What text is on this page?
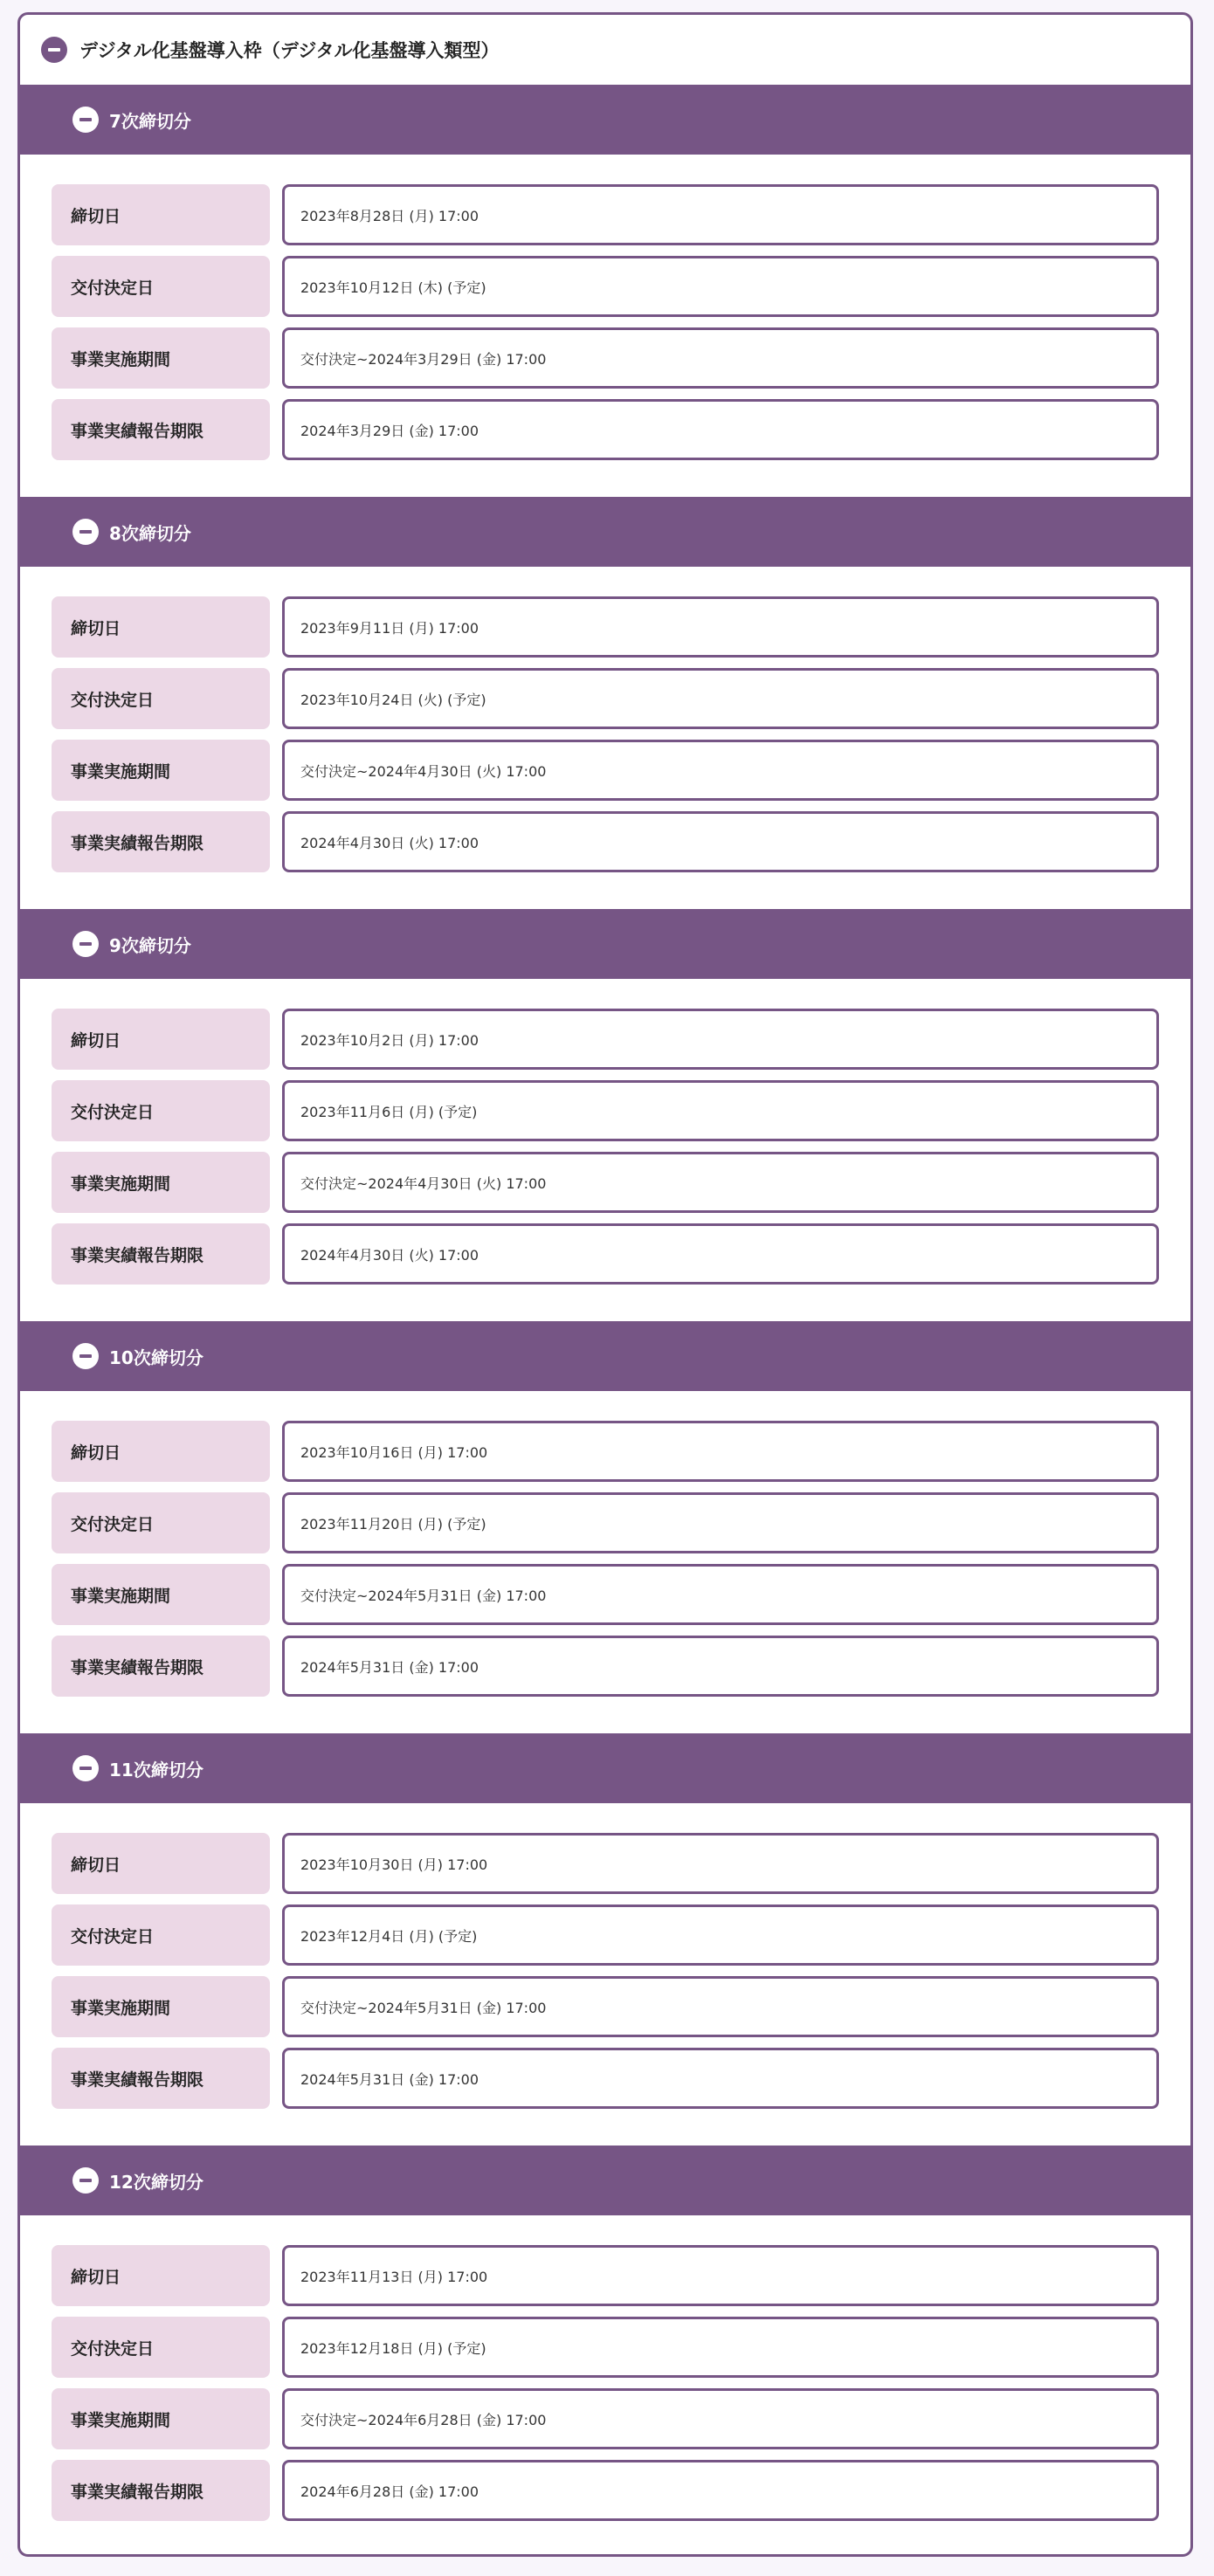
デジタル化基盤導入枠（デジタル化基盤導入類型）
7次締切分
締切日	2023年8月28日 (月) 17:00
交付決定日	2023年10月12日 (木) (予定)
事業実施期間	交付決定~2024年3月29日 (金) 17:00
事業実績報告期限	2024年3月29日 (金) 17:00
8次締切分
締切日	2023年9月11日 (月) 17:00
交付決定日	2023年10月24日 (火) (予定)
事業実施期間	交付決定~2024年4月30日 (火) 17:00
事業実績報告期限	2024年4月30日 (火) 17:00
9次締切分
締切日	2023年10月2日 (月) 17:00
交付決定日	2023年11月6日 (月) (予定)
事業実施期間	交付決定~2024年4月30日 (火) 17:00
事業実績報告期限	2024年4月30日 (火) 17:00
10次締切分
締切日	2023年10月16日 (月) 17:00
交付決定日	2023年11月20日 (月) (予定)
事業実施期間	交付決定~2024年5月31日 (金) 17:00
事業実績報告期限	2024年5月31日 (金) 17:00
11次締切分
締切日	2023年10月30日 (月) 17:00
交付決定日	2023年12月4日 (月) (予定)
事業実施期間	交付決定~2024年5月31日 (金) 17:00
事業実績報告期限	2024年5月31日 (金) 17:00
12次締切分
締切日	2023年11月13日 (月) 17:00
交付決定日	2023年12月18日 (月) (予定)
事業実施期間	交付決定~2024年6月28日 (金) 17:00
事業実績報告期限	2024年6月28日 (金) 17:00
